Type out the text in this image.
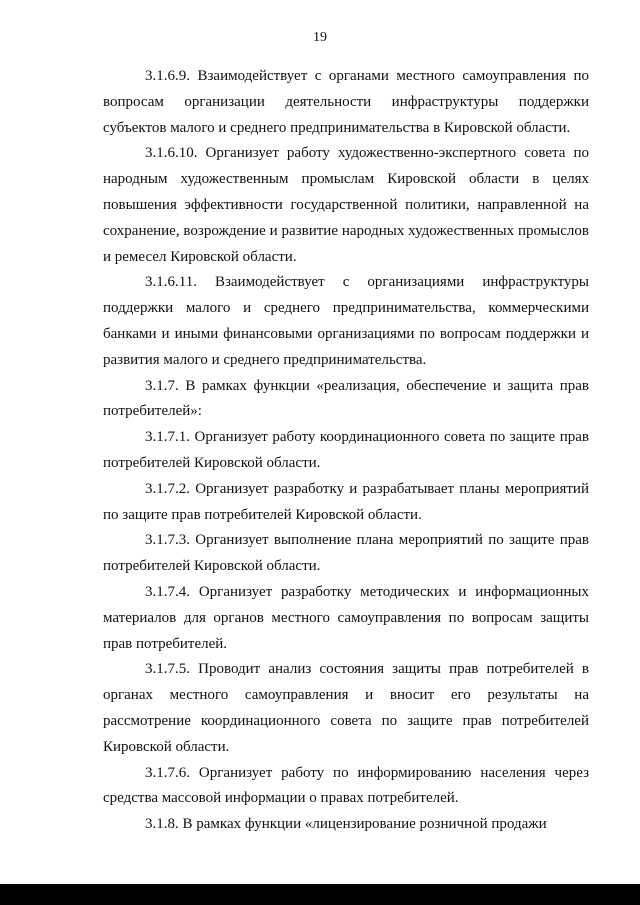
19

3.1.6.9. Взаимодействует с органами местного самоуправления по вопросам организации деятельности инфраструктуры поддержки субъектов малого и среднего предпринимательства в Кировской области.

3.1.6.10. Организует работу художественно-экспертного совета по народным художественным промыслам Кировской области в целях повышения эффективности государственной политики, направленной на сохранение, возрождение и развитие народных художественных промыслов и ремесел Кировской области.

3.1.6.11. Взаимодействует с организациями инфраструктуры поддержки малого и среднего предпринимательства, коммерческими банками и иными финансовыми организациями по вопросам поддержки и развития малого и среднего предпринимательства.

3.1.7. В рамках функции «реализация, обеспечение и защита прав потребителей»:

3.1.7.1. Организует работу координационного совета по защите прав потребителей Кировской области.

3.1.7.2. Организует разработку и разрабатывает планы мероприятий по защите прав потребителей Кировской области.

3.1.7.3. Организует выполнение плана мероприятий по защите прав потребителей Кировской области.

3.1.7.4. Организует разработку методических и информационных материалов для органов местного самоуправления по вопросам защиты прав потребителей.

3.1.7.5. Проводит анализ состояния защиты прав потребителей в органах местного самоуправления и вносит его результаты на рассмотрение координационного совета по защите прав потребителей Кировской области.

3.1.7.6. Организует работу по информированию населения через средства массовой информации о правах потребителей.

3.1.8. В рамках функции «лицензирование розничной продажи
